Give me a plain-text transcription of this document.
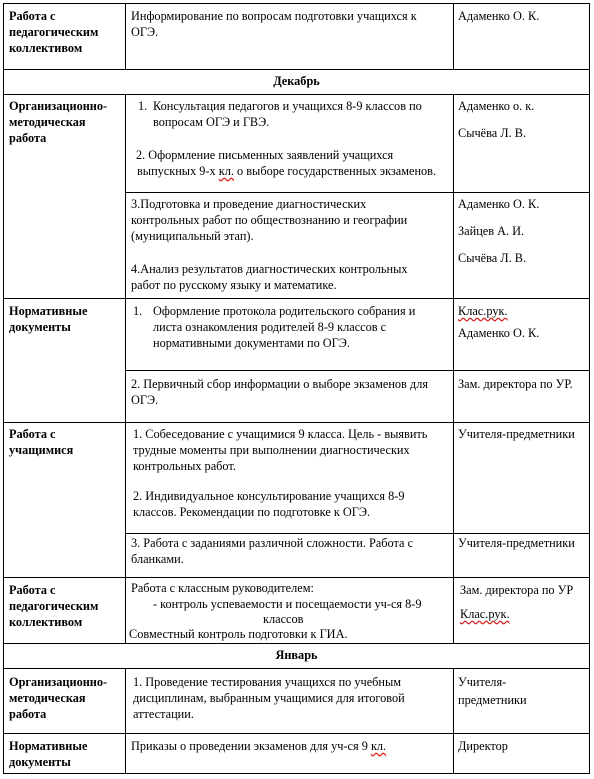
Работа с
педагогическим
коллективом
Информирование по вопросам подготовки учащихся к
ОГЭ.
Адаменко О. К.
Декабрь
Организационно-
методическая
работа
1. Консультация педагогов и учащихся 8-9 классов по
вопросам ОГЭ и ГВЭ.
2. Оформление письменных заявлений учащихся
выпускных 9-х кл. о выборе государственных экзаменов.
Адаменко о. к.
Сычёва Л. В.
3.Подготовка и проведение диагностических
контрольных работ по обществознанию и географии
(муниципальный этап).
4.Анализ результатов диагностических контрольных
работ по русскому языку и математике.
Адаменко О. К.
Зайцев А. И.
Сычёва Л. В.
Нормативные
документы
1. Оформление протокола родительского собрания и
листа ознакомления родителей 8-9 классов с
нормативными документами по ОГЭ.
Клас.рук.
Адаменко О. К.
2. Первичный сбор информации о выборе экзаменов для
ОГЭ.
Зам. директора по УР.
Работа с
учащимися
1. Собеседование с учащимися 9 класса. Цель - выявить
трудные моменты при выполнении диагностических
контрольных работ.
2. Индивидуальное консультирование учащихся 8-9
классов. Рекомендации по подготовке к ОГЭ.
Учителя-предметники
3. Работа с заданиями различной сложности. Работа с
бланками.
Учителя-предметники
Работа с
педагогическим
коллективом
Работа с классным руководителем:
- контроль успеваемости и посещаемости уч-ся 8-9
классов
Совместный контроль подготовки к ГИА.
Зам. директора по УР
Клас.рук.
Январь
Организационно-
методическая
работа
1. Проведение тестирования учащихся по учебным
дисциплинам, выбранным учащимися для итоговой
аттестации.
Учителя-
предметники
Нормативные
документы
Приказы о проведении экзаменов для уч-ся 9 кл.	Директор
